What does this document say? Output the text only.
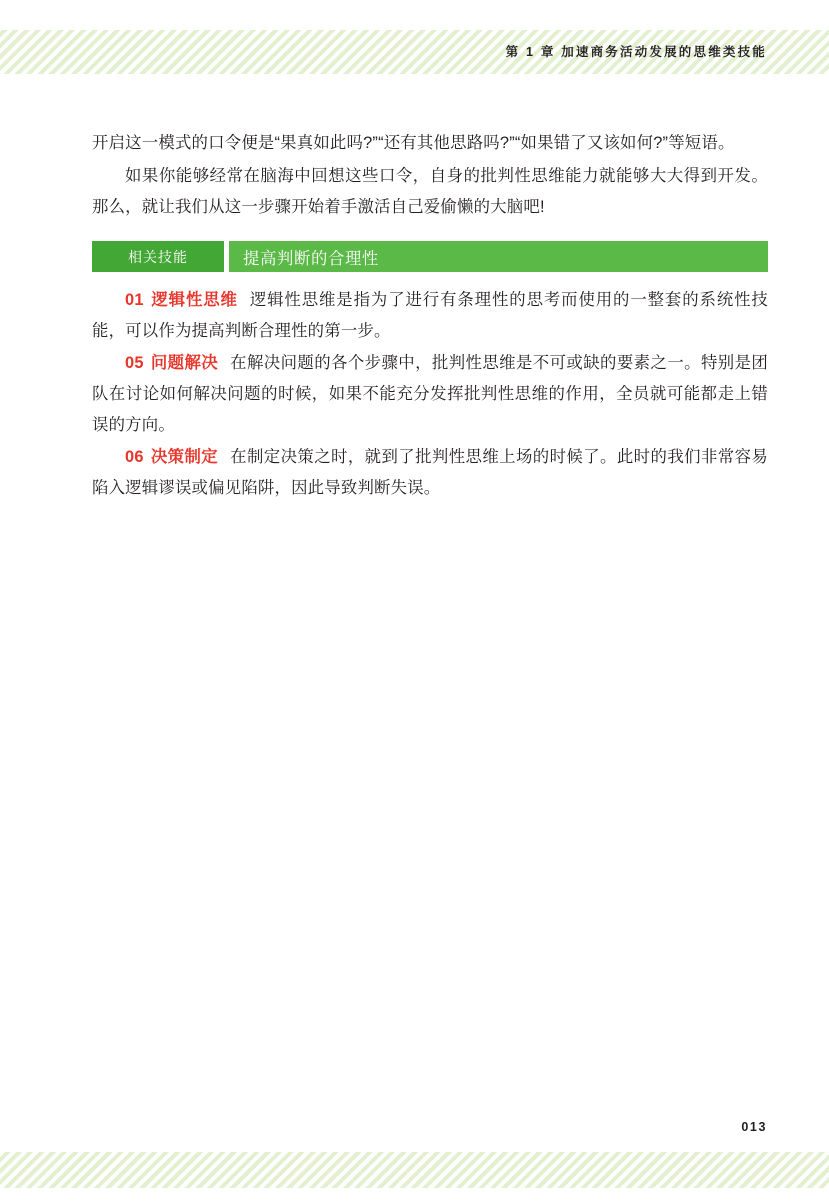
第 1 章 加速商务活动发展的思维类技能

开启这一模式的口令便是“果真如此吗?”“还有其他思路吗?”“如果错了又该如何?”等短语。

如果你能够经常在脑海中回想这些口令，自身的批判性思维能力就能够大大得到开发。那么，就让我们从这一步骤开始着手激活自己爱偷懒的大脑吧!

相关技能	提高判断的合理性

01 逻辑性思维 逻辑性思维是指为了进行有条理性的思考而使用的一整套的系统性技能，可以作为提高判断合理性的第一步。

05 问题解决 在解决问题的各个步骤中，批判性思维是不可或缺的要素之一。特别是团队在讨论如何解决问题的时候，如果不能充分发挥批判性思维的作用，全员就可能都走上错误的方向。

06 决策制定 在制定决策之时，就到了批判性思维上场的时候了。此时的我们非常容易陷入逻辑谬误或偏见陷阱，因此导致判断失误。

013
